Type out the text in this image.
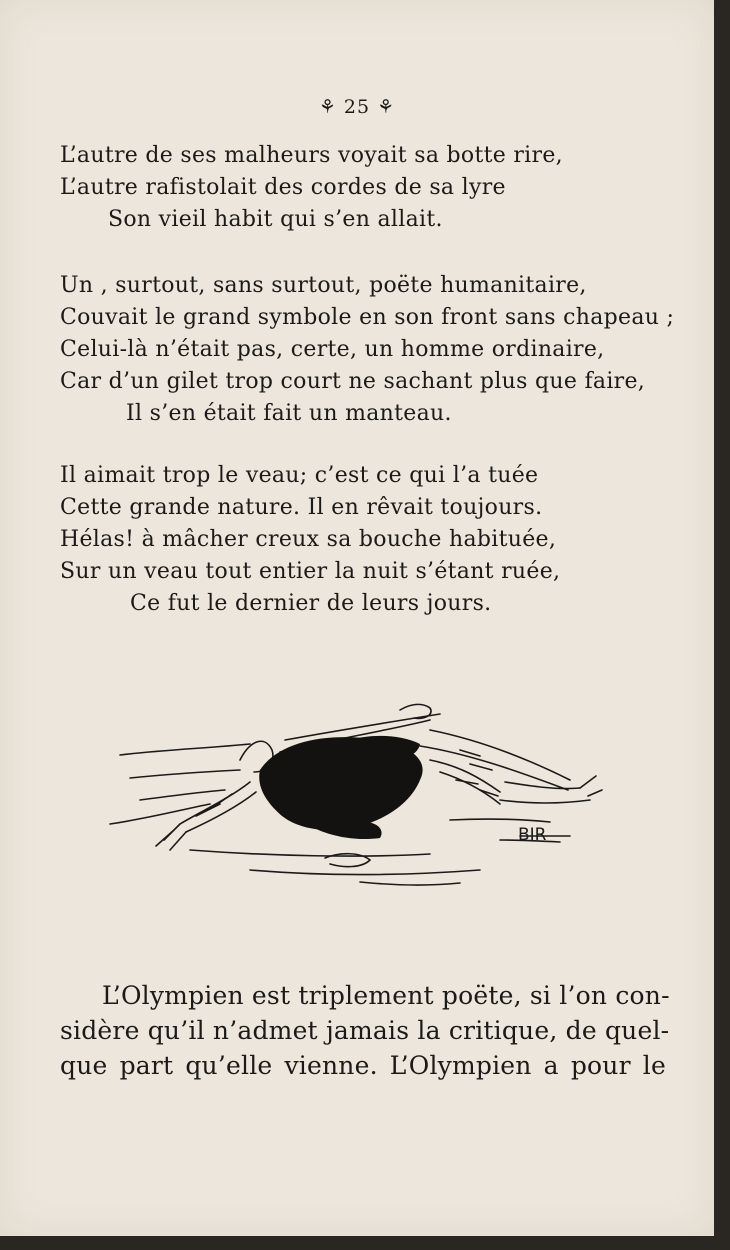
⚘ 25 ⚘
L’autre de ses malheurs voyait sa botte rire,
L’autre rafistolait des cordes de sa lyre
Son vieil habit qui s’en allait.
Un , surtout, sans surtout, poëte humanitaire,
Couvait le grand symbole en son front sans chapeau ;
Celui-là n’était pas, certe, un homme ordinaire,
Car d’un gilet trop court ne sachant plus que faire,
Il s’en était fait un manteau.
Il aimait trop le veau; c’est ce qui l’a tuée
Cette grande nature. Il en rêvait toujours.
Hélas! à mâcher creux sa bouche habituée,
Sur un veau tout entier la nuit s’étant ruée,
Ce fut le dernier de leurs jours.
BIR
L’Olympien est triplement poëte, si l’on con-
sidère qu’il n’admet jamais la critique, de quel-
que part qu’elle vienne. L’Olympien a pour le
